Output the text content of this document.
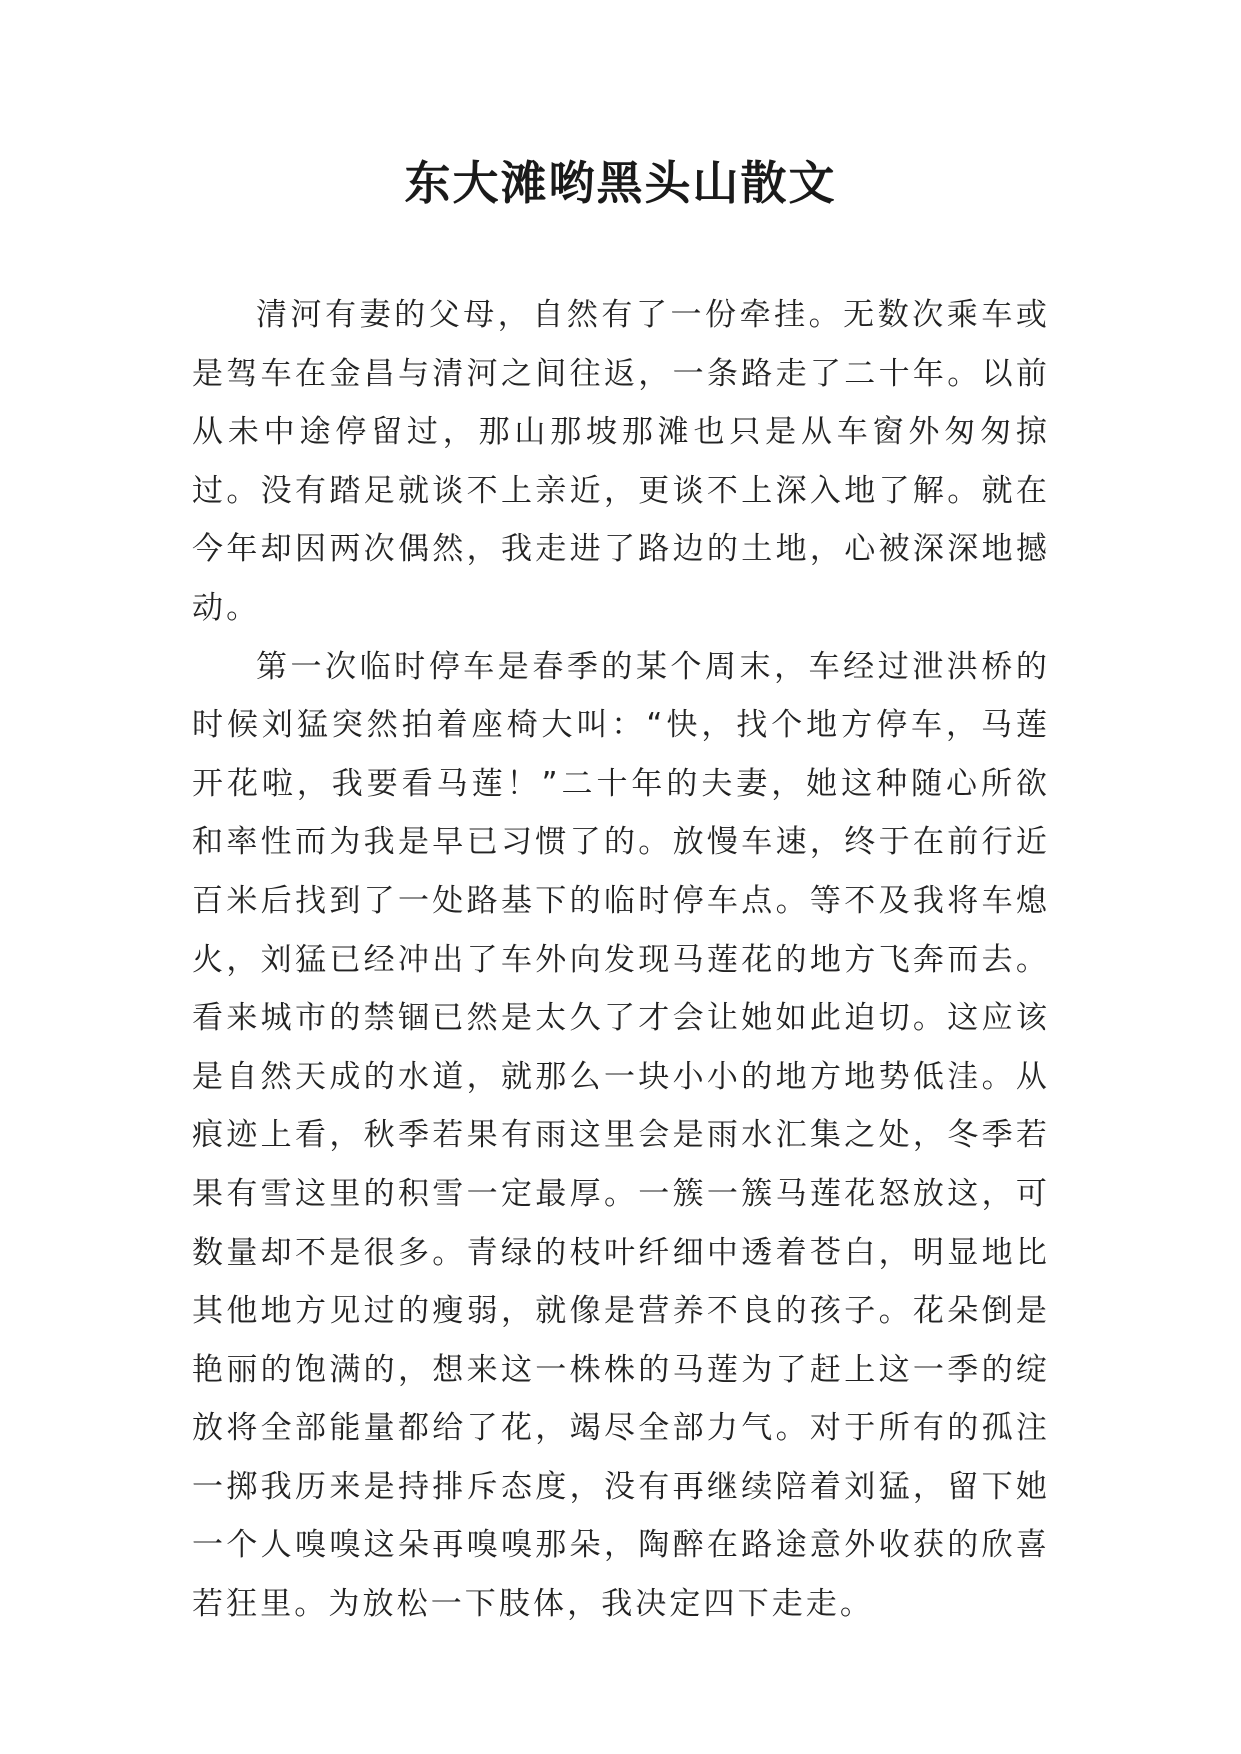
东大滩哟黑头山散文

清河有妻的父母，自然有了一份牵挂。无数次乘车或是驾车在金昌与清河之间往返，一条路走了二十年。以前从未中途停留过，那山那坡那滩也只是从车窗外匆匆掠过。没有踏足就谈不上亲近，更谈不上深入地了解。就在今年却因两次偶然，我走进了路边的土地，心被深深地撼动。

第一次临时停车是春季的某个周末，车经过泄洪桥的时候刘猛突然拍着座椅大叫：“快，找个地方停车，马莲开花啦，我要看马莲！”二十年的夫妻，她这种随心所欲和率性而为我是早已习惯了的。放慢车速，终于在前行近百米后找到了一处路基下的临时停车点。等不及我将车熄火，刘猛已经冲出了车外向发现马莲花的地方飞奔而去。看来城市的禁锢已然是太久了才会让她如此迫切。这应该是自然天成的水道，就那么一块小小的地方地势低洼。从痕迹上看，秋季若果有雨这里会是雨水汇集之处，冬季若果有雪这里的积雪一定最厚。一簇一簇马莲花怒放这，可数量却不是很多。青绿的枝叶纤细中透着苍白，明显地比其他地方见过的瘦弱，就像是营养不良的孩子。花朵倒是艳丽的饱满的，想来这一株株的马莲为了赶上这一季的绽放将全部能量都给了花，竭尽全部力气。对于所有的孤注一掷我历来是持排斥态度，没有再继续陪着刘猛，留下她一个人嗅嗅这朵再嗅嗅那朵，陶醉在路途意外收获的欣喜若狂里。为放松一下肢体，我决定四下走走。
